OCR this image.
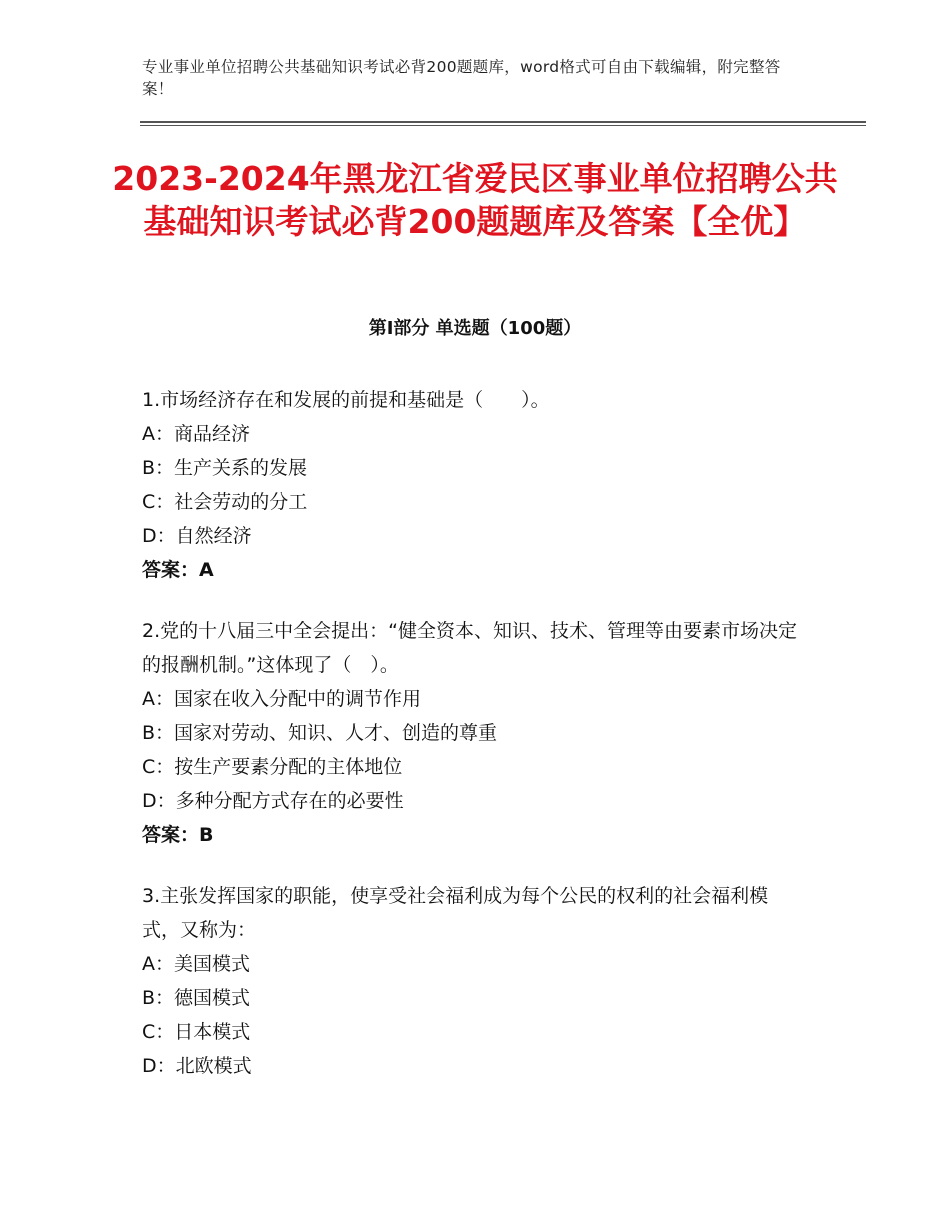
专业事业单位招聘公共基础知识考试必背200题题库，word格式可自由下载编辑，附完整答案！
2023-2024年黑龙江省爱民区事业单位招聘公共基础知识考试必背200题题库及答案【全优】
第Ⅰ部分 单选题（100题）
1.市场经济存在和发展的前提和基础是（　　）。
A：商品经济
B：生产关系的发展
C：社会劳动的分工
D：自然经济
答案：A
2.党的十八届三中全会提出：“健全资本、知识、技术、管理等由要素市场决定的报酬机制。”这体现了（　）。
A：国家在收入分配中的调节作用
B：国家对劳动、知识、人才、创造的尊重
C：按生产要素分配的主体地位
D：多种分配方式存在的必要性
答案：B
3.主张发挥国家的职能，使享受社会福利成为每个公民的权利的社会福利模式，又称为：
A：美国模式
B：德国模式
C：日本模式
D：北欧模式
